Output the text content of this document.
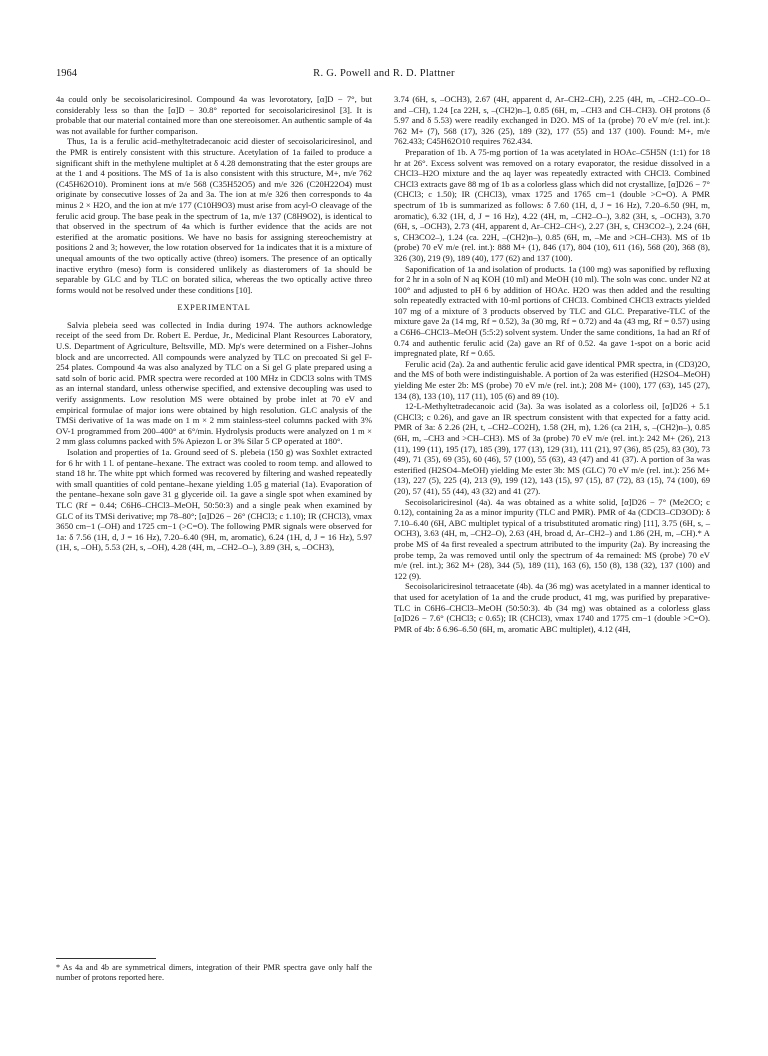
1964	R. G. Powell and R. D. Plattner

4a could only be secoisolariciresinol. Compound 4a was levorotatory, [α]D − 7°, but considerably less so than the [α]D − 30.8° reported for secoisolariciresinol [3]. It is probable that our material contained more than one stereoisomer. An authentic sample of 4a was not available for further comparison.

Thus, 1a is a ferulic acid–methyltetradecanoic acid diester of secoisolariciresinol, and the PMR is entirely consistent with this structure. Acetylation of 1a failed to produce a significant shift in the methylene multiplet at δ 4.28 demonstrating that the ester groups are at the 1 and 4 positions. The MS of 1a is also consistent with this structure, M+, m/e 762 (C45H62O10). Prominent ions at m/e 568 (C35H52O5) and m/e 326 (C20H22O4) must originate by consecutive losses of 2a and 3a. The ion at m/e 326 then corresponds to 4a minus 2 × H2O, and the ion at m/e 177 (C10H9O3) must arise from acyl-O cleavage of the ferulic acid group. The base peak in the spectrum of 1a, m/e 137 (C8H9O2), is identical to that observed in the spectrum of 4a which is further evidence that the acids are not esterified at the aromatic positions. We have no basis for assigning stereochemistry at positions 2 and 3; however, the low rotation observed for 1a indicates that it is a mixture of unequal amounts of the two optically active (threo) isomers. The presence of an optically inactive erythro (meso) form is considered unlikely as diasteromers of 1a should be separable by GLC and by TLC on borated silica, whereas the two optically active threo forms would not be resolved under these conditions [10].

EXPERIMENTAL

Salvia plebeia seed was collected in India during 1974. The authors acknowledge receipt of the seed from Dr. Robert E. Perdue, Jr., Medicinal Plant Resources Laboratory, U.S. Department of Agriculture, Beltsville, MD. Mp's were determined on a Fisher–Johns block and are uncorrected. All compounds were analyzed by TLC on precoated Si gel F-254 plates. Compound 4a was also analyzed by TLC on a Si gel G plate prepared using a satd soln of boric acid. PMR spectra were recorded at 100 MHz in CDCl3 solns with TMS as an internal standard, unless otherwise specified, and extensive decoupling was used to verify assignments. Low resolution MS were obtained by probe inlet at 70 eV and empirical formulae of major ions were obtained by high resolution. GLC analysis of the TMSi derivative of 1a was made on 1 m × 2 mm stainless-steel columns packed with 3% OV-1 programmed from 200–400° at 6°/min. Hydrolysis products were analyzed on 1 m × 2 mm glass columns packed with 5% Apiezon L or 3% Silar 5 CP operated at 180°.

Isolation and properties of 1a. Ground seed of S. plebeia (150 g) was Soxhlet extracted for 6 hr with 1 l. of pentane–hexane. The extract was cooled to room temp. and allowed to stand 18 hr. The white ppt which formed was recovered by filtering and washed repeatedly with small quantities of cold pentane–hexane yielding 1.05 g material (1a). Evaporation of the pentane–hexane soln gave 31 g glyceride oil. 1a gave a single spot when examined by TLC (Rf = 0.44; C6H6–CHCl3–MeOH, 50:50:3) and a single peak when examined by GLC of its TMSi derivative; mp 78–80°; [α]D26 − 26° (CHCl3; c 1.10); IR (CHCl3), νmax 3650 cm−1 (–OH) and 1725 cm−1 (>C=O). The following PMR signals were observed for 1a: δ 7.56 (1H, d, J = 16 Hz), 7.20–6.40 (9H, m, aromatic), 6.24 (1H, d, J = 16 Hz), 5.97 (1H, s, –OH), 5.53 (2H, s, –OH), 4.28 (4H, m, –CH2–O–), 3.89 (3H, s, –OCH3),

* As 4a and 4b are symmetrical dimers, integration of their PMR spectra gave only half the number of protons reported here.

3.74 (6H, s, –OCH3), 2.67 (4H, apparent d, Ar–CH2–CH), 2.25 (4H, m, –CH2–CO–O– and –CH), 1.24 [ca 22H, s, –(CH2)n–], 0.85 (6H, m, –CH3 and CH–CH3). OH protons (δ 5.97 and δ 5.53) were readily exchanged in D2O. MS of 1a (probe) 70 eV m/e (rel. int.): 762 M+ (7), 568 (17), 326 (25), 189 (32), 177 (55) and 137 (100). Found: M+, m/e 762.433; C45H62O10 requires 762.434.

Preparation of 1b. A 75-mg portion of 1a was acetylated in HOAc–C5H5N (1:1) for 18 hr at 26°. Excess solvent was removed on a rotary evaporator, the residue dissolved in a CHCl3–H2O mixture and the aq layer was repeatedly extracted with CHCl3. Combined CHCl3 extracts gave 88 mg of 1b as a colorless glass which did not crystallize, [α]D26 − 7° (CHCl3; c 1.50); IR (CHCl3), νmax 1725 and 1765 cm−1 (double >C=O). A PMR spectrum of 1b is summarized as follows: δ 7.60 (1H, d, J = 16 Hz), 7.20–6.50 (9H, m, aromatic), 6.32 (1H, d, J = 16 Hz), 4.22 (4H, m, –CH2–O–), 3.82 (3H, s, –OCH3), 3.70 (6H, s, –OCH3), 2.73 (4H, apparent d, Ar–CH2–CH<), 2.27 (3H, s, CH3CO2–), 2.24 (6H, s, CH3CO2–), 1.24 (ca. 22H, –(CH2)n–), 0.85 (6H, m, –Me and >CH–CH3). MS of 1b (probe) 70 eV m/e (rel. int.): 888 M+ (1), 846 (17), 804 (10), 611 (16), 568 (20), 368 (8), 326 (30), 219 (9), 189 (40), 177 (62) and 137 (100).

Saponification of 1a and isolation of products. 1a (100 mg) was saponified by refluxing for 2 hr in a soln of N aq KOH (10 ml) and MeOH (10 ml). The soln was conc. under N2 at 100° and adjusted to pH 6 by addition of HOAc. H2O was then added and the resulting soln repeatedly extracted with 10-ml portions of CHCl3. Combined CHCl3 extracts yielded 107 mg of a mixture of 3 products observed by TLC and GLC. Preparative-TLC of the mixture gave 2a (14 mg, Rf = 0.52), 3a (30 mg, Rf = 0.72) and 4a (43 mg, Rf = 0.57) using a C6H6–CHCl3–MeOH (5:5:2) solvent system. Under the same conditions, 1a had an Rf of 0.74 and authentic ferulic acid (2a) gave an Rf of 0.52. 4a gave 1-spot on a boric acid impregnated plate, Rf = 0.65.

Ferulic acid (2a). 2a and authentic ferulic acid gave identical PMR spectra, in (CD3)2O, and the MS of both were indistinguishable. A portion of 2a was esterified (H2SO4–MeOH) yielding Me ester 2b: MS (probe) 70 eV m/e (rel. int.); 208 M+ (100), 177 (63), 145 (27), 134 (8), 133 (10), 117 (11), 105 (6) and 89 (10).

12-L-Methyltetradecanoic acid (3a). 3a was isolated as a colorless oil, [α]D26 + 5.1 (CHCl3; c 0.26), and gave an IR spectrum consistent with that expected for a fatty acid. PMR of 3a: δ 2.26 (2H, t, –CH2–CO2H), 1.58 (2H, m), 1.26 (ca 21H, s, –(CH2)n–), 0.85 (6H, m, –CH3 and >CH–CH3). MS of 3a (probe) 70 eV m/e (rel. int.): 242 M+ (26), 213 (11), 199 (11), 195 (17), 185 (39), 177 (13), 129 (31), 111 (21), 97 (36), 85 (25), 83 (30), 73 (49), 71 (35), 69 (35), 60 (46), 57 (100), 55 (63), 43 (47) and 41 (37). A portion of 3a was esterified (H2SO4–MeOH) yielding Me ester 3b: MS (GLC) 70 eV m/e (rel. int.): 256 M+ (13), 227 (5), 225 (4), 213 (9), 199 (12), 143 (15), 97 (15), 87 (72), 83 (15), 74 (100), 69 (20), 57 (41), 55 (44), 43 (32) and 41 (27).

Secoisolariciresinol (4a). 4a was obtained as a white solid, [α]D26 − 7° (Me2CO; c 0.12), containing 2a as a minor impurity (TLC and PMR). PMR of 4a (CDCl3–CD3OD): δ 7.10–6.40 (6H, ABC multiplet typical of a trisubstituted aromatic ring) [11], 3.75 (6H, s, –OCH3), 3.63 (4H, m, –CH2–O), 2.63 (4H, broad d, Ar–CH2–) and 1.86 (2H, m, –CH).* A probe MS of 4a first revealed a spectrum attributed to the impurity (2a). By increasing the probe temp, 2a was removed until only the spectrum of 4a remained: MS (probe) 70 eV m/e (rel. int.); 362 M+ (28), 344 (5), 189 (11), 163 (6), 150 (8), 138 (32), 137 (100) and 122 (9).

Secoisolariciresinol tetraacetate (4b). 4a (36 mg) was acetylated in a manner identical to that used for acetylation of 1a and the crude product, 41 mg, was purified by preparative-TLC in C6H6–CHCl3–MeOH (50:50:3). 4b (34 mg) was obtained as a colorless glass [α]D26 − 7.6° (CHCl3; c 0.65); IR (CHCl3), νmax 1740 and 1775 cm−1 (double >C=O). PMR of 4b: δ 6.96–6.50 (6H, m, aromatic ABC multiplet), 4.12 (4H,
